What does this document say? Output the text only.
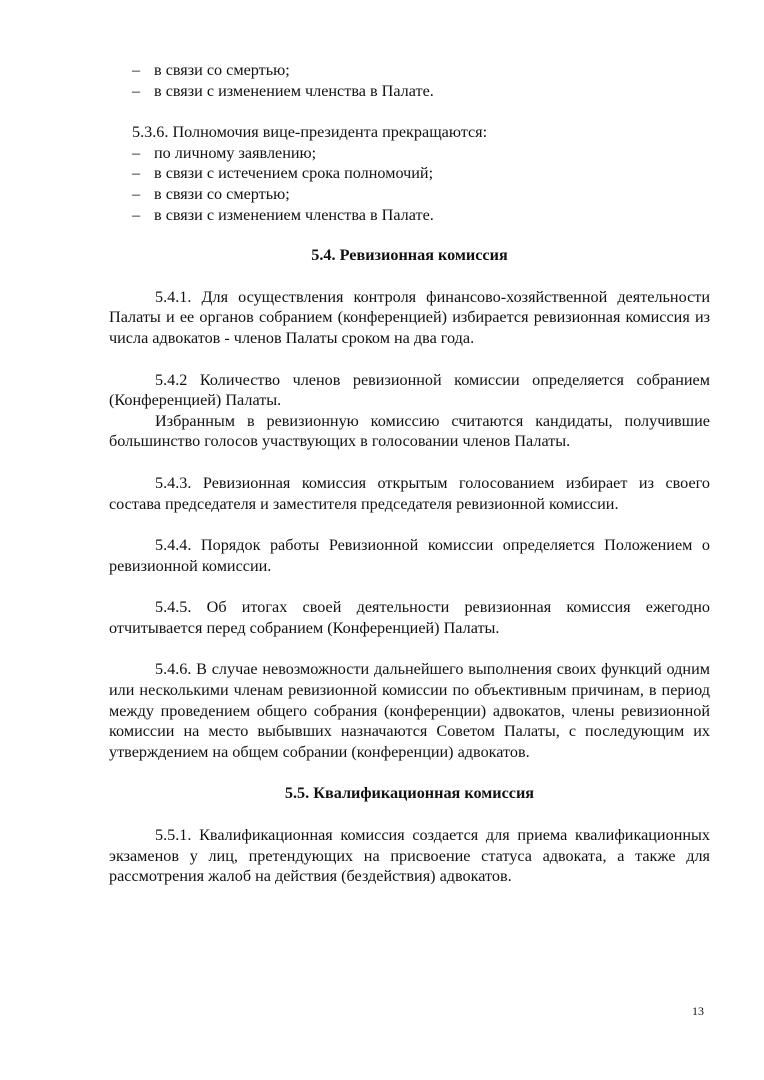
– в связи со смертью;
– в связи с изменением членства в Палате.
5.3.6. Полномочия вице-президента прекращаются:
– по личному заявлению;
– в связи с истечением срока полномочий;
– в связи со смертью;
– в связи с изменением членства в Палате.

5.4. Ревизионная комиссия

5.4.1. Для осуществления контроля финансово-хозяйственной деятельности Палаты и ее органов собранием (конференцией) избирается ревизионная комиссия из числа адвокатов - членов Палаты сроком на два года.

5.4.2 Количество членов ревизионной комиссии определяется собранием (Конференцией) Палаты.

Избранным в ревизионную комиссию считаются кандидаты, получившие большинство голосов участвующих в голосовании членов Палаты.

5.4.3. Ревизионная комиссия открытым голосованием избирает из своего состава председателя и заместителя председателя ревизионной комиссии.

5.4.4. Порядок работы Ревизионной комиссии определяется Положением о ревизионной комиссии.

5.4.5. Об итогах своей деятельности ревизионная комиссия ежегодно отчитывается перед собранием (Конференцией) Палаты.

5.4.6. В случае невозможности дальнейшего выполнения своих функций одним или несколькими членам ревизионной комиссии по объективным причинам, в период между проведением общего собрания (конференции) адвокатов, члены ревизионной комиссии на место выбывших назначаются Советом Палаты, с последующим их утверждением на общем собрании (конференции) адвокатов.

5.5. Квалификационная комиссия

5.5.1. Квалификационная комиссия создается для приема квалификационных экзаменов у лиц, претендующих на присвоение статуса адвоката, а также для рассмотрения жалоб на действия (бездействия) адвокатов.

13
